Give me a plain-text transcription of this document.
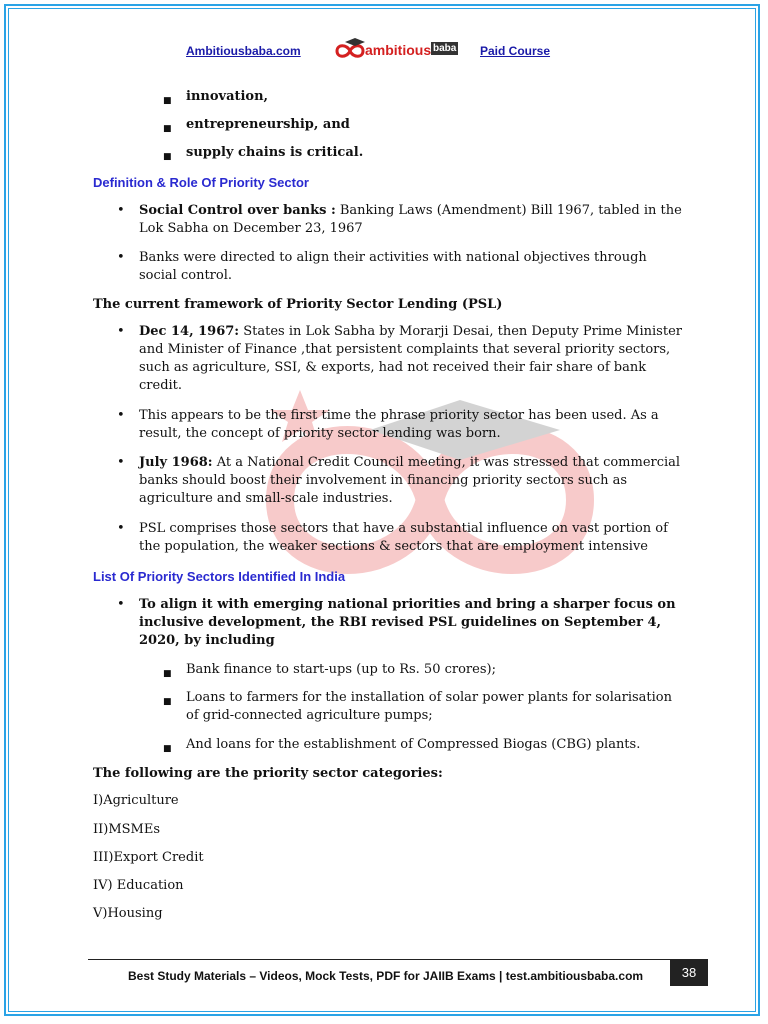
Ambitiousbaba.com	ambitious baba Paid Course
■ innovation,
■ entrepreneurship, and
■ supply chains is critical.
Definition & Role Of Priority Sector
• Social Control over banks : Banking Laws (Amendment) Bill 1967, tabled in the
Lok Sabha on December 23, 1967
• Banks were directed to align their activities with national objectives through
social control.
The current framework of Priority Sector Lending (PSL)
• Dec 14, 1967: States in Lok Sabha by Morarji Desai, then Deputy Prime Minister
and Minister of Finance ,that persistent complaints that several priority sectors,
such as agriculture, SSI, & exports, had not received their fair share of bank
credit.
• This appears to be the first time the phrase priority sector has been used. As a
result, the concept of priority sector lending was born.
• July 1968: At a National Credit Council meeting, it was stressed that commercial
banks should boost their involvement in financing priority sectors such as
agriculture and small-scale industries.
• PSL comprises those sectors that have a substantial influence on vast portion of
the population, the weaker sections & sectors that are employment intensive
List Of Priority Sectors Identified In India
• To align it with emerging national priorities and bring a sharper focus on
inclusive development, the RBI revised PSL guidelines on September 4,
2020, by including
■ Bank finance to start-ups (up to Rs. 50 crores);
■ Loans to farmers for the installation of solar power plants for solarisation
of grid-connected agriculture pumps;
■ And loans for the establishment of Compressed Biogas (CBG) plants.
The following are the priority sector categories:
I)Agriculture
II)MSMEs
III)Export Credit
IV) Education
V)Housing
Best Study Materials – Videos, Mock Tests, PDF for JAIIB Exams | test.ambitiousbaba.com	38
